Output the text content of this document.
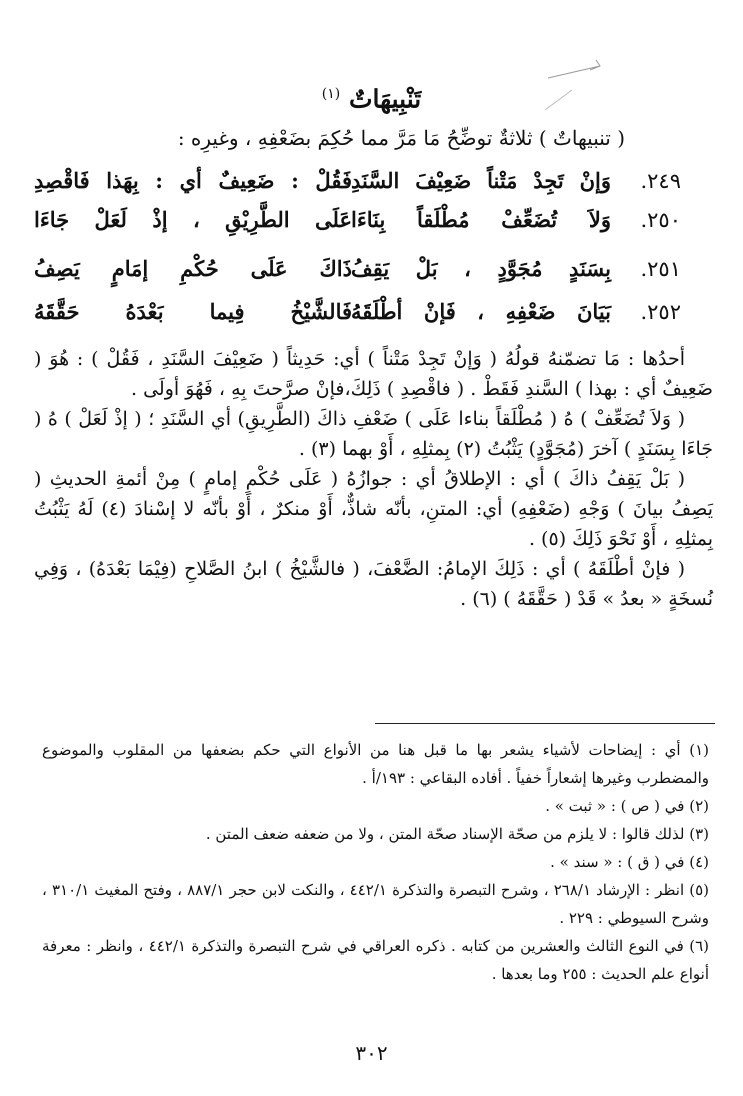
تَنْبِيهَاتٌ $^{(١)}$
( تنبيهاتٌ ) ثلاثةٌ توضِّحُ مَا مَرَّ مما حُكِمَ بضَعْفِهِ ، وغيرِه :
٢٤٩.
وَإنْ تَجِدْ مَتْناً ضَعِيْفَ السَّنَدِ
فَقُلْ : ضَعِيفٌ أي : بِهَذا فَاقْصِدِ
٢٥٠.
وَلاَ تُضَعِّفْ مُطْلَقاً بِنَاءَا
عَلَى الطَّرِيْقِ ، إذْ لَعَلْ جَاءَا
٢٥١.
بِسَنَدٍ مُجَوَّدٍ ، بَلْ يَقِفُ
ذَاكَ عَلَى حُكْمِ إمَامٍ يَصِفُ
٢٥٢.
بَيَانَ ضَعْفِهِ ، فَإنْ أطْلَقَهُ
فَالشَّيْخُ فِيما بَعْدَهُ حَقَّقَهُ

أحدُها : مَا تضمّنهُ قولُهُ ( وَإنْ تَجِدْ مَتْناً ) أي: حَدِيثاً ( ضَعِيْفَ السَّنَدِ ، فَقُلْ ) : هُوَ ( ضَعِيفٌ أي : بهذا ) السَّندِ فَقَطْ . ( فاقْصِدِ ) ذَلِكَ،فإنْ صرَّحتَ بِهِ ، فَهُوَ أولَى .

( وَلاَ تُضَعِّفْ ) هُ ( مُطْلَقاً بناءا عَلَى ) ضَعْفِ ذاكَ (الطَّرِيقِ) أي السَّنَدِ ؛ ( إذْ لَعَلْ ) هُ ( جَاءَا بِسَنَدٍ ) آخرَ (مُجَوَّدٍ) يَثْبُتُ (٢) بِمثلِهِ ، أَوْ بهما (٣) .

( بَلْ يَقِفُ ذاكَ ) أي : الإطلاقُ أي : جوازُهُ ( عَلَى حُكْمِ إمامٍ ) مِنْ أئمةِ الحديثِ ( يَصِفُ بيانَ ) وَجْهِ (ضَعْفِهِ) أي: المتنِ، بأنّه شاذٌّ، أَوْ منكرٌ ، أَوْ بأنّه لا إسْنادَ (٤) لَهُ يَثْبُتُ بِمثلِهِ ، أَوْ نَحْوَ ذَلِكَ (٥) .

( فإنْ أطْلَقَهُ ) أي : ذَلِكَ الإمامُ: الضَّعْفَ، ( فالشَّيْخُ ) ابنُ الصَّلاحِ (فِيْمَا بَعْدَهُ) ، وَفِي نُسخَةٍ « بعدُ » قَدْ ( حَقَّقَهُ ) (٦) .

(١) أي : إيضاحات لأشياء يشعر بها ما قبل هنا من الأنواع التي حكم بضعفها من المقلوب والموضوع والمضطرب وغيرها إشعاراً خفياً . أفاده البقاعي : ١٩٣/أ .

(٢) في ( ص ) : « ثبت » .

(٣) لذلك قالوا : لا يلزم من صحّة الإسناد صحّة المتن ، ولا من ضعفه ضعف المتن .

(٤) في ( ق ) : « سند » .

(٥) انظر : الإرشاد ٢٦٨/١ ، وشرح التبصرة والتذكرة ٤٤٢/١ ، والنكت لابن حجر ٨٨٧/١ ، وفتح المغيث ٣١٠/١ ، وشرح السيوطي : ٢٢٩ .

(٦) في النوع الثالث والعشرين من كتابه . ذكره العراقي في شرح التبصرة والتذكرة ٤٤٢/١ ، وانظر : معرفة أنواع علم الحديث : ٢٥٥ وما بعدها .

٣٠٢
